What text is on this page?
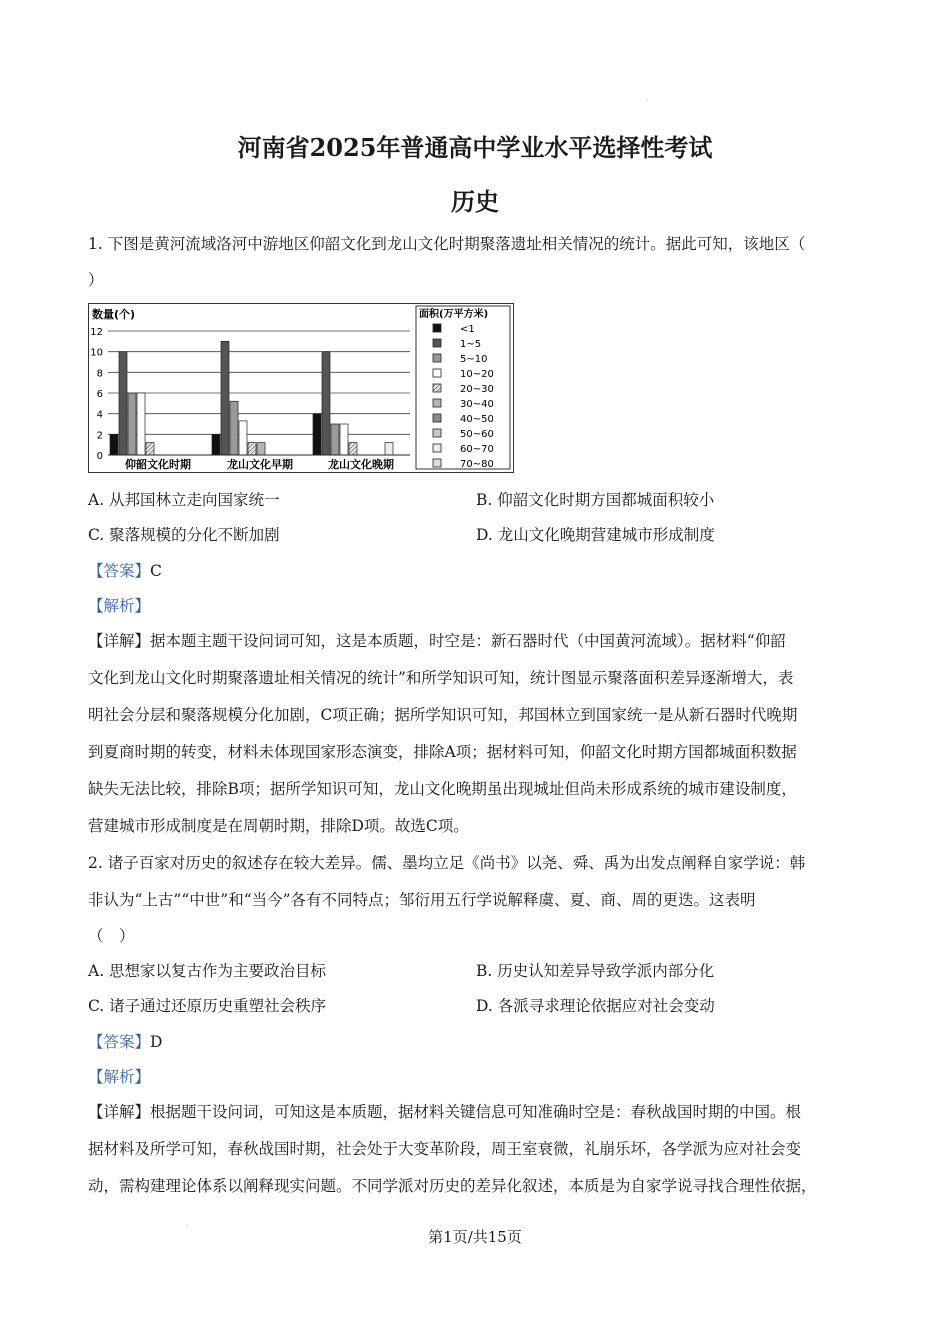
·
河南省2025年普通高中学业水平选择性考试
历史
1. 下图是黄河流域洛河中游地区仰韶文化到龙山文化时期聚落遗址相关情况的统计。据此可知，该地区（
）
数量(个)
0
2
4
6
8
10
12
仰韶文化时期	龙山文化早期	龙山文化晚期
面积(万平方米)
<1
1~5
5~10
10~20
20~30
30~40
40~50
50~60
60~70
70~80
A. 从邦国林立走向国家统一	B. 仰韶文化时期方国都城面积较小
C. 聚落规模的分化不断加剧	D. 龙山文化晚期营建城市形成制度
【答案】C
【解析】
【详解】据本题主题干设问词可知，这是本质题，时空是：新石器时代（中国黄河流域）。据材料“仰韶
文化到龙山文化时期聚落遗址相关情况的统计”和所学知识可知，统计图显示聚落面积差异逐渐增大，表
明社会分层和聚落规模分化加剧，C项正确；据所学知识可知，邦国林立到国家统一是从新石器时代晚期
到夏商时期的转变，材料未体现国家形态演变，排除A项；据材料可知，仰韶文化时期方国都城面积数据
缺失无法比较，排除B项；据所学知识可知，龙山文化晚期虽出现城址但尚未形成系统的城市建设制度，
营建城市形成制度是在周朝时期，排除D项。故选C项。
2. 诸子百家对历史的叙述存在较大差异。儒、墨均立足《尚书》以尧、舜、禹为出发点阐释自家学说：韩
非认为“上古”“中世”和“当今”各有不同特点；邹衍用五行学说解释虞、夏、商、周的更迭。这表明
（　）
A. 思想家以复古作为主要政治目标	B. 历史认知差异导致学派内部分化
C. 诸子通过还原历史重塑社会秩序	D. 各派寻求理论依据应对社会变动
【答案】D
【解析】
【详解】根据题干设问词，可知这是本质题，据材料关键信息可知准确时空是：春秋战国时期的中国。根
据材料及所学可知，春秋战国时期，社会处于大变革阶段，周王室衰微，礼崩乐坏，各学派为应对社会变
动，需构建理论体系以阐释现实问题。不同学派对历史的差异化叙述，本质是为自家学说寻找合理性依据，
·
第1页/共15页
